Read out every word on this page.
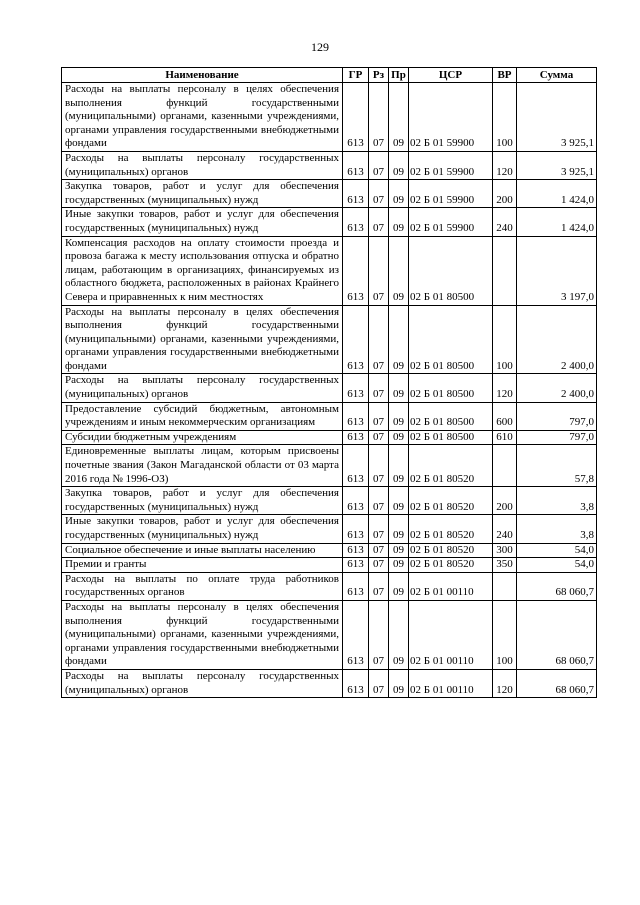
129
Наименование	ГР	Рз	Пр	ЦСР	ВР	Сумма
Расходы на выплаты персоналу в целях обеспечения выполнения функций государственными (муниципальными) органами, казенными учреждениями, органами управления государственными внебюджетными фондами	613	07	09	02 Б 01 59900	100	3 925,1
Расходы на выплаты персоналу государственных (муниципальных) органов	613	07	09	02 Б 01 59900	120	3 925,1
Закупка товаров, работ и услуг для обеспечения государственных (муниципальных) нужд	613	07	09	02 Б 01 59900	200	1 424,0
Иные закупки товаров, работ и услуг для обеспечения государственных (муниципальных) нужд	613	07	09	02 Б 01 59900	240	1 424,0
Компенсация расходов на оплату стоимости проезда и провоза багажа к месту использования отпуска и обратно лицам, работающим в организациях, финансируемых из областного бюджета, расположенных в районах Крайнего Севера и приравненных к ним местностях	613	07	09	02 Б 01 80500		3 197,0
Расходы на выплаты персоналу в целях обеспечения выполнения функций государственными (муниципальными) органами, казенными учреждениями, органами управления государственными внебюджетными фондами	613	07	09	02 Б 01 80500	100	2 400,0
Расходы на выплаты персоналу государственных (муниципальных) органов	613	07	09	02 Б 01 80500	120	2 400,0
Предоставление субсидий бюджетным, автономным учреждениям и иным некоммерческим организациям	613	07	09	02 Б 01 80500	600	797,0
Субсидии бюджетным учреждениям	613	07	09	02 Б 01 80500	610	797,0
Единовременные выплаты лицам, которым присвоены почетные звания (Закон Магаданской области от 03 марта 2016 года № 1996-ОЗ)	613	07	09	02 Б 01 80520		57,8
Закупка товаров, работ и услуг для обеспечения государственных (муниципальных) нужд	613	07	09	02 Б 01 80520	200	3,8
Иные закупки товаров, работ и услуг для обеспечения государственных (муниципальных) нужд	613	07	09	02 Б 01 80520	240	3,8
Социальное обеспечение и иные выплаты населению	613	07	09	02 Б 01 80520	300	54,0
Премии и гранты	613	07	09	02 Б 01 80520	350	54,0
Расходы на выплаты по оплате труда работников государственных органов	613	07	09	02 Б 01 00110		68 060,7
Расходы на выплаты персоналу в целях обеспечения выполнения функций государственными (муниципальными) органами, казенными учреждениями, органами управления государственными внебюджетными фондами	613	07	09	02 Б 01 00110	100	68 060,7
Расходы на выплаты персоналу государственных (муниципальных) органов	613	07	09	02 Б 01 00110	120	68 060,7
